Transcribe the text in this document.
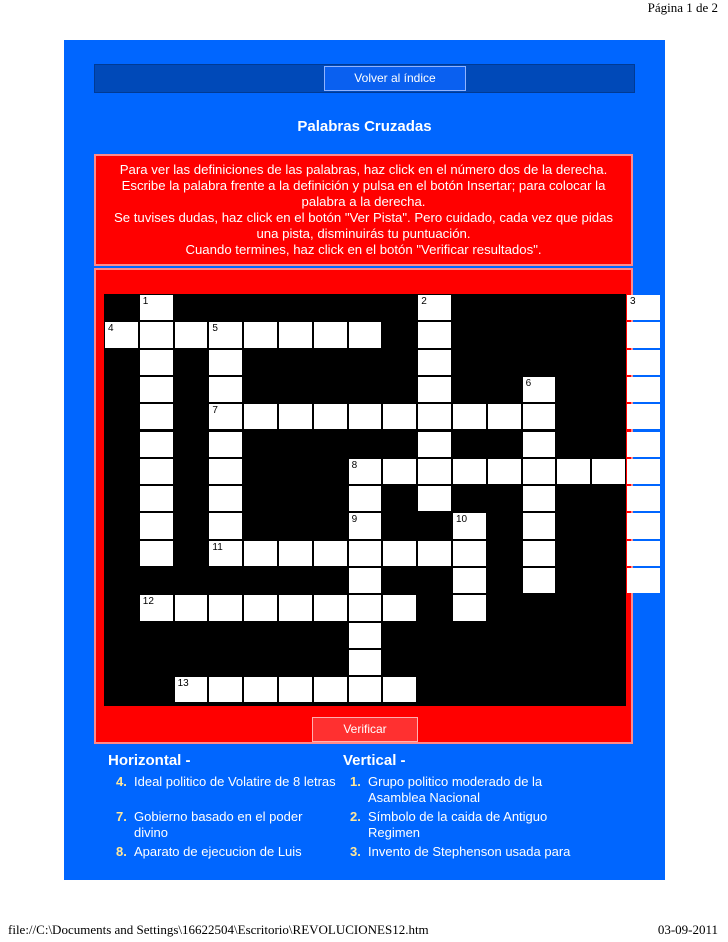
Página 1 de 2
Volver al índice
Palabras Cruzadas

Para ver las definiciones de las palabras, haz click en el número dos de la derecha. Escribe la palabra frente a la definición y pulsa en el botón Insertar; para colocar la palabra a la derecha.

Se tuvises dudas, haz click en el botón "Ver Pista". Pero cuidado, cada vez que pidas una pista, disminuirás tu puntuación.

Cuando termines, haz click en el botón "Verificar resultados".

1	2	3
4	5
6
7
8
9	10
11
12
13
Verificar
Horizontal -	Vertical -
4. Ideal politico de Volatire de 8 letras
7. Gobierno basado en el poder divino
8. Aparato de ejecucion de Luis
1. Grupo politico moderado de la Asamblea Nacional
2. Símbolo de la caida de Antiguo Regimen
3. Invento de Stephenson usada para
file://C:\Documents and Settings\16622504\Escritorio\REVOLUCIONES12.htm	03-09-2011
